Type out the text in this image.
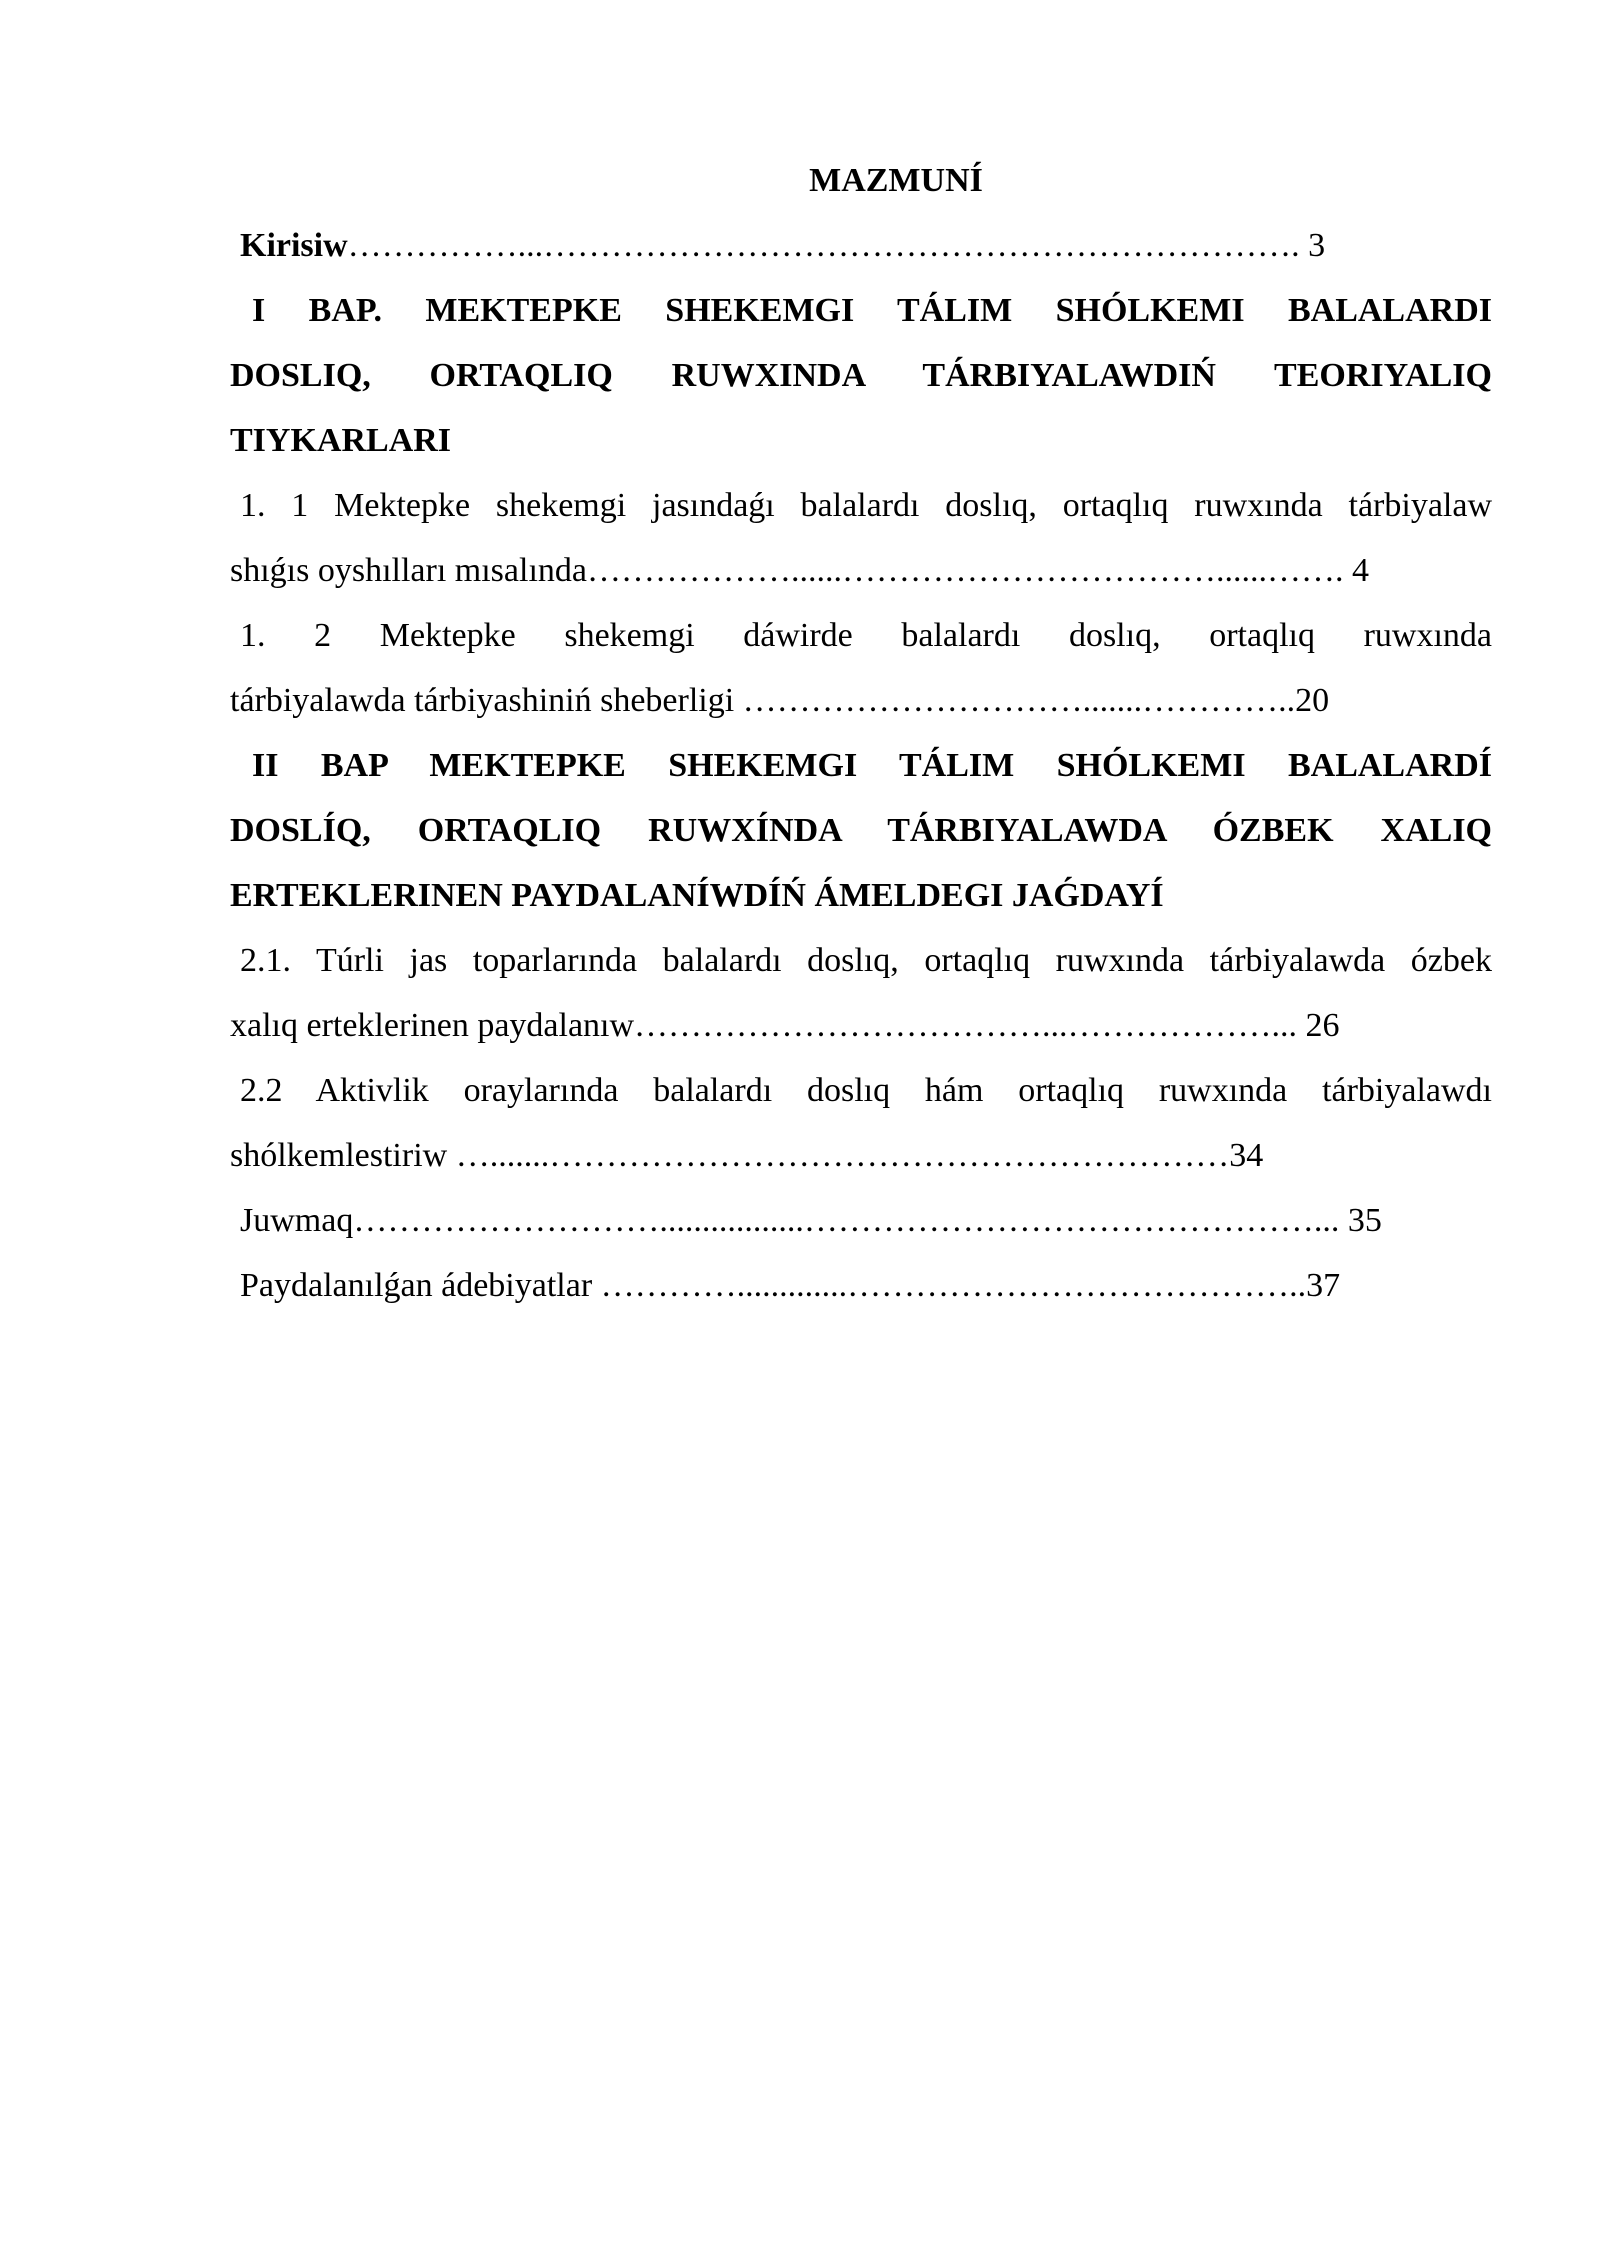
MAZMUNÍ
Kirisiw……………...…………………………………………………………. 3
I BAP. MEKTEPKE SHEKEMGI TÁLIM SHÓLKEMI BALALARDI
DOSLIQ, ORTAQLIQ RUWXINDA TÁRBIYALAWDIŃ TEORIYALIQ
TIYKARLARI
1. 1 Mektepke shekemgi jasındaǵı balalardı doslıq, ortaqlıq ruwxında tárbiyalaw
shıǵıs oyshılları mısalında………………......……………………………......……. 4
1. 2 Mektepke shekemgi dáwirde balalardı doslıq, ortaqlıq ruwxında
tárbiyalawda tárbiyashiniń sheberligi ………………………….......…………..20
II BAP MEKTEPKE SHEKEMGI TÁLIM SHÓLKEMI BALALARDÍ
DOSLÍQ, ORTAQLIQ RUWXÍNDA TÁRBIYALAWDA ÓZBEK XALIQ
ERTEKLERINEN PAYDALANÍWDÍŃ ÁMELDEGI JAǴDAYÍ
2.1. Túrli jas toparlarında balalardı doslıq, ortaqlıq ruwxında tárbiyalawda ózbek
xalıq erteklerinen paydalanıw………………………………...………………... 26
2.2 Aktivlik oraylarında balalardı doslıq hám ortaqlıq ruwxında tárbiyalawdı
shólkemlestiriw ….......……………………………………………………34
Juwmaq……………………….................………………………………………... 35
Paydalanılǵan ádebiyatlar ………….............…………………………………..37
